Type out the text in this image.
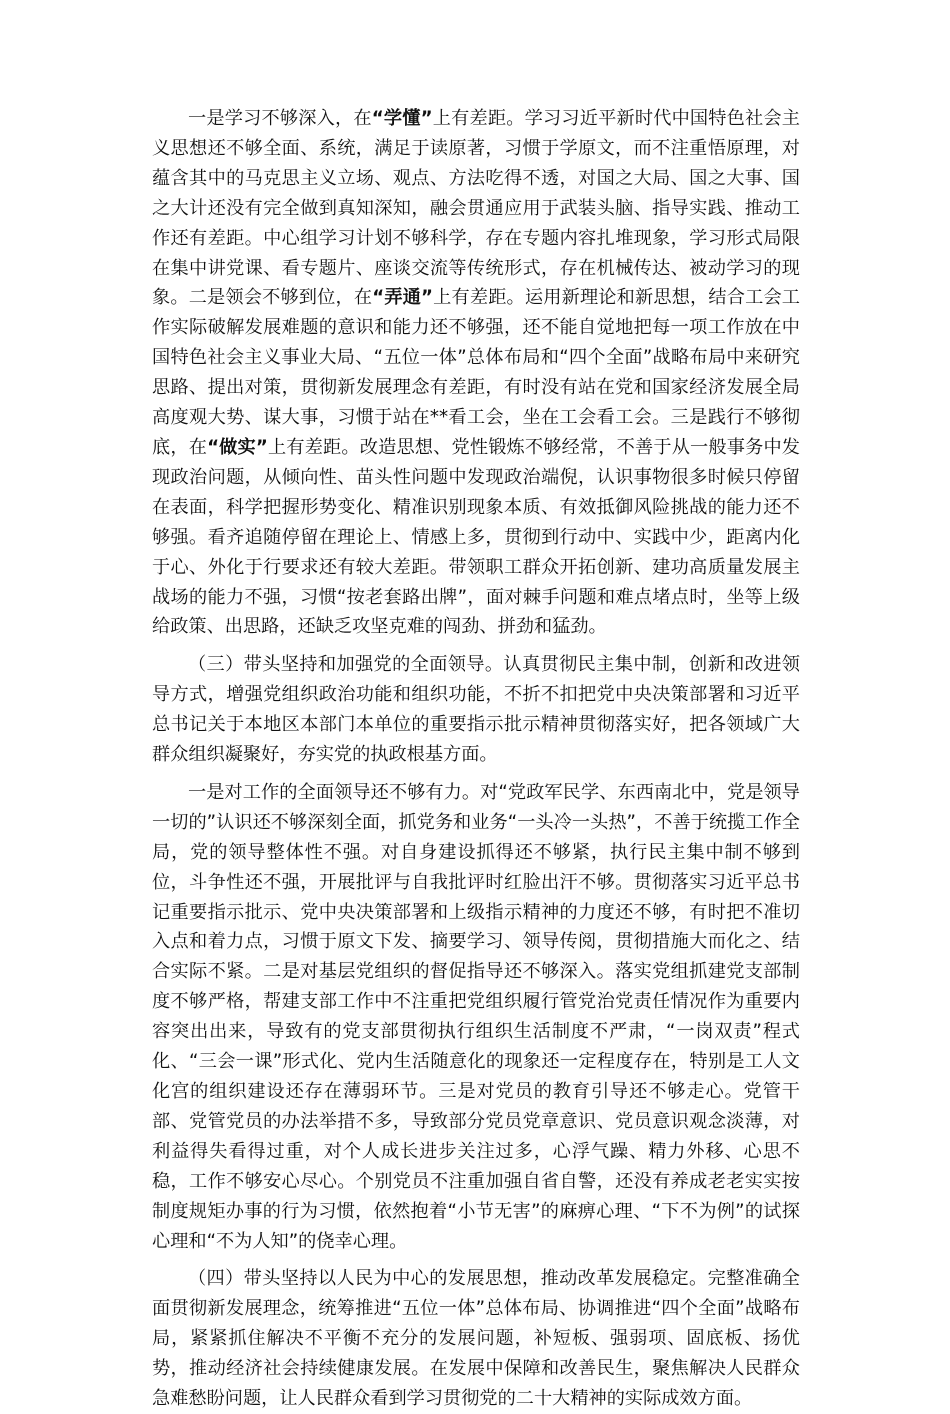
一是学习不够深入，在“学懂”上有差距。学习习近平新时代中国特色社会主义思想还不够全面、系统，满足于读原著，习惯于学原文，而不注重悟原理，对蕴含其中的马克思主义立场、观点、方法吃得不透，对国之大局、国之大事、国之大计还没有完全做到真知深知，融会贯通应用于武装头脑、指导实践、推动工作还有差距。中心组学习计划不够科学，存在专题内容扎堆现象，学习形式局限在集中讲党课、看专题片、座谈交流等传统形式，存在机械传达、被动学习的现象。二是领会不够到位，在“弄通”上有差距。运用新理论和新思想，结合工会工作实际破解发展难题的意识和能力还不够强，还不能自觉地把每一项工作放在中国特色社会主义事业大局、“五位一体”总体布局和“四个全面”战略布局中来研究思路、提出对策，贯彻新发展理念有差距，有时没有站在党和国家经济发展全局高度观大势、谋大事，习惯于站在**看工会，坐在工会看工会。三是践行不够彻底，在“做实”上有差距。改造思想、党性锻炼不够经常，不善于从一般事务中发现政治问题，从倾向性、苗头性问题中发现政治端倪，认识事物很多时候只停留在表面，科学把握形势变化、精准识别现象本质、有效抵御风险挑战的能力还不够强。看齐追随停留在理论上、情感上多，贯彻到行动中、实践中少，距离内化于心、外化于行要求还有较大差距。带领职工群众开拓创新、建功高质量发展主战场的能力不强，习惯“按老套路出牌”，面对棘手问题和难点堵点时，坐等上级给政策、出思路，还缺乏攻坚克难的闯劲、拼劲和猛劲。

（三）带头坚持和加强党的全面领导。认真贯彻民主集中制，创新和改进领导方式，增强党组织政治功能和组织功能，不折不扣把党中央决策部署和习近平总书记关于本地区本部门本单位的重要指示批示精神贯彻落实好，把各领域广大群众组织凝聚好，夯实党的执政根基方面。

一是对工作的全面领导还不够有力。对“党政军民学、东西南北中，党是领导一切的”认识还不够深刻全面，抓党务和业务“一头冷一头热”，不善于统揽工作全局，党的领导整体性不强。对自身建设抓得还不够紧，执行民主集中制不够到位，斗争性还不强，开展批评与自我批评时红脸出汗不够。贯彻落实习近平总书记重要指示批示、党中央决策部署和上级指示精神的力度还不够，有时把不准切入点和着力点，习惯于原文下发、摘要学习、领导传阅，贯彻措施大而化之、结合实际不紧。二是对基层党组织的督促指导还不够深入。落实党组抓建党支部制度不够严格，帮建支部工作中不注重把党组织履行管党治党责任情况作为重要内容突出出来，导致有的党支部贯彻执行组织生活制度不严肃，“一岗双责”程式化、“三会一课”形式化、党内生活随意化的现象还一定程度存在，特别是工人文化宫的组织建设还存在薄弱环节。三是对党员的教育引导还不够走心。党管干部、党管党员的办法举措不多，导致部分党员党章意识、党员意识观念淡薄，对利益得失看得过重，对个人成长进步关注过多，心浮气躁、精力外移、心思不稳，工作不够安心尽心。个别党员不注重加强自省自警，还没有养成老老实实按制度规矩办事的行为习惯，依然抱着“小节无害”的麻痹心理、“下不为例”的试探心理和“不为人知”的侥幸心理。

（四）带头坚持以人民为中心的发展思想，推动改革发展稳定。完整准确全面贯彻新发展理念，统筹推进“五位一体”总体布局、协调推进“四个全面”战略布局，紧紧抓住解决不平衡不充分的发展问题，补短板、强弱项、固底板、扬优势，推动经济社会持续健康发展。在发展中保障和改善民生，聚焦解决人民群众急难愁盼问题，让人民群众看到学习贯彻党的二十大精神的实际成效方面。
